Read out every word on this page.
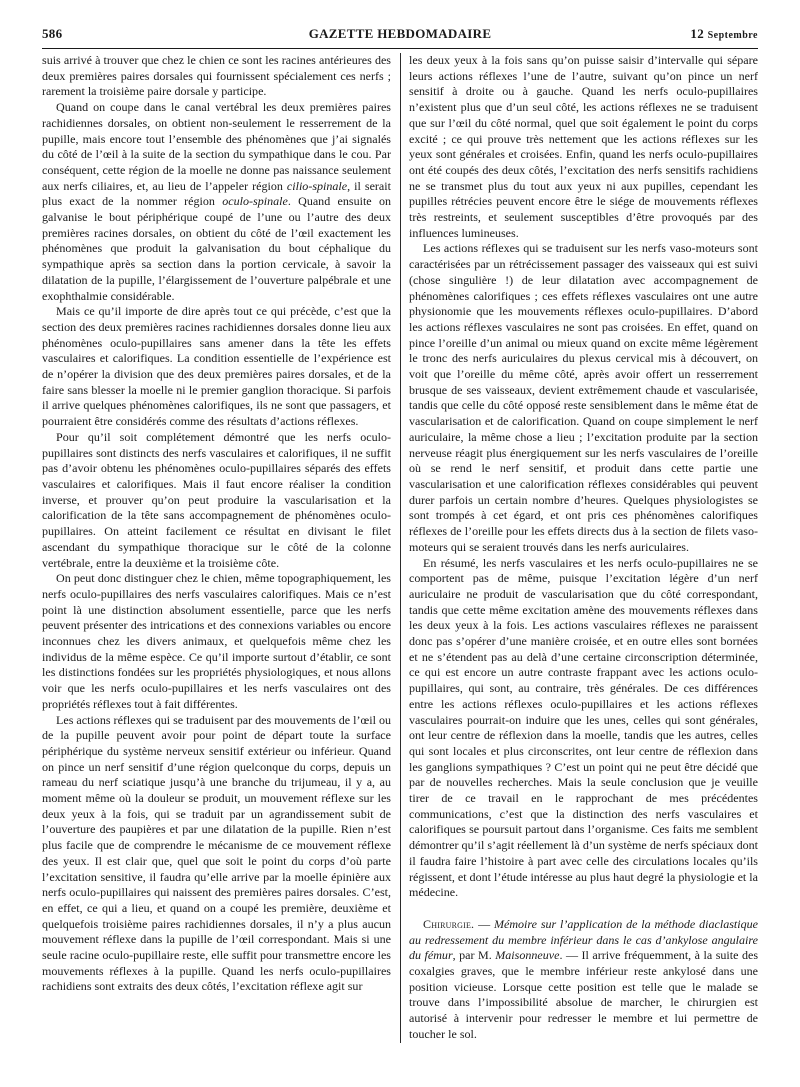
586	GAZETTE HEBDOMADAIRE	12 Septembre

suis arrivé à trouver que chez le chien ce sont les racines antérieures des deux premières paires dorsales qui fournissent spécialement ces nerfs ; rarement la troisième paire dorsale y participe.

Quand on coupe dans le canal vertébral les deux premières paires rachidiennes dorsales, on obtient non-seulement le resserrement de la pupille, mais encore tout l’ensemble des phénomènes que j’ai signalés du côté de l’œil à la suite de la section du sympathique dans le cou. Par conséquent, cette région de la moelle ne donne pas naissance seulement aux nerfs ciliaires, et, au lieu de l’appeler région cilio-spinale, il serait plus exact de la nommer région oculo-spinale. Quand ensuite on galvanise le bout périphérique coupé de l’une ou l’autre des deux premières racines dorsales, on obtient du côté de l’œil exactement les phénomènes que produit la galvanisation du bout céphalique du sympathique après sa section dans la portion cervicale, à savoir la dilatation de la pupille, l’élargissement de l’ouverture palpébrale et une exophthalmie considérable.

Mais ce qu’il importe de dire après tout ce qui précède, c’est que la section des deux premières racines rachidiennes dorsales donne lieu aux phénomènes oculo-pupillaires sans amener dans la tête les effets vasculaires et calorifiques. La condition essentielle de l’expérience est de n’opérer la division que des deux premières paires dorsales, et de la faire sans blesser la moelle ni le premier ganglion thoracique. Si parfois il arrive quelques phénomènes calorifiques, ils ne sont que passagers, et pourraient être considérés comme des résultats d’actions réflexes.

Pour qu’il soit complétement démontré que les nerfs oculo-pupillaires sont distincts des nerfs vasculaires et calorifiques, il ne suffit pas d’avoir obtenu les phénomènes oculo-pupillaires séparés des effets vasculaires et calorifiques. Mais il faut encore réaliser la condition inverse, et prouver qu’on peut produire la vascularisation et la calorification de la tête sans accompagnement de phénomènes oculo-pupillaires. On atteint facilement ce résultat en divisant le filet ascendant du sympathique thoracique sur le côté de la colonne vertébrale, entre la deuxième et la troisième côte.

On peut donc distinguer chez le chien, même topographiquement, les nerfs oculo-pupillaires des nerfs vasculaires calorifiques. Mais ce n’est point là une distinction absolument essentielle, parce que les nerfs peuvent présenter des intrications et des connexions variables ou encore inconnues chez les divers animaux, et quelquefois même chez les individus de la même espèce. Ce qu’il importe surtout d’établir, ce sont les distinctions fondées sur les propriétés physiologiques, et nous allons voir que les nerfs oculo-pupillaires et les nerfs vasculaires ont des propriétés réflexes tout à fait différentes.

Les actions réflexes qui se traduisent par des mouvements de l’œil ou de la pupille peuvent avoir pour point de départ toute la surface périphérique du système nerveux sensitif extérieur ou inférieur. Quand on pince un nerf sensitif d’une région quelconque du corps, depuis un rameau du nerf sciatique jusqu’à une branche du trijumeau, il y a, au moment même où la douleur se produit, un mouvement réflexe sur les deux yeux à la fois, qui se traduit par un agrandissement subit de l’ouverture des paupières et par une dilatation de la pupille. Rien n’est plus facile que de comprendre le mécanisme de ce mouvement réflexe des yeux. Il est clair que, quel que soit le point du corps d’où parte l’excitation sensitive, il faudra qu’elle arrive par la moelle épinière aux nerfs oculo-pupillaires qui naissent des premières paires dorsales. C’est, en effet, ce qui a lieu, et quand on a coupé les première, deuxième et quelquefois troisième paires rachidiennes dorsales, il n’y a plus aucun mouvement réflexe dans la pupille de l’œil correspondant. Mais si une seule racine oculo-pupillaire reste, elle suffit pour transmettre encore les mouvements réflexes à la pupille. Quand les nerfs oculo-pupillaires rachidiens sont extraits des deux côtés, l’excitation réflexe agit sur

les deux yeux à la fois sans qu’on puisse saisir d’intervalle qui sépare leurs actions réflexes l’une de l’autre, suivant qu’on pince un nerf sensitif à droite ou à gauche. Quand les nerfs oculo-pupillaires n’existent plus que d’un seul côté, les actions réflexes ne se traduisent que sur l’œil du côté normal, quel que soit également le point du corps excité ; ce qui prouve très nettement que les actions réflexes sur les yeux sont générales et croisées. Enfin, quand les nerfs oculo-pupillaires ont été coupés des deux côtés, l’excitation des nerfs sensitifs rachidiens ne se transmet plus du tout aux yeux ni aux pupilles, cependant les pupilles rétrécies peuvent encore être le siége de mouvements réflexes très restreints, et seulement susceptibles d’être provoqués par des influences lumineuses.

Les actions réflexes qui se traduisent sur les nerfs vaso-moteurs sont caractérisées par un rétrécissement passager des vaisseaux qui est suivi (chose singulière !) de leur dilatation avec accompagnement de phénomènes calorifiques ; ces effets réflexes vasculaires ont une autre physionomie que les mouvements réflexes oculo-pupillaires. D’abord les actions réflexes vasculaires ne sont pas croisées. En effet, quand on pince l’oreille d’un animal ou mieux quand on excite même légèrement le tronc des nerfs auriculaires du plexus cervical mis à découvert, on voit que l’oreille du même côté, après avoir offert un resserrement brusque de ses vaisseaux, devient extrêmement chaude et vascularisée, tandis que celle du côté opposé reste sensiblement dans le même état de vascularisation et de calorification. Quand on coupe simplement le nerf auriculaire, la même chose a lieu ; l’excitation produite par la section nerveuse réagit plus énergiquement sur les nerfs vasculaires de l’oreille où se rend le nerf sensitif, et produit dans cette partie une vascularisation et une calorification réflexes considérables qui peuvent durer parfois un certain nombre d’heures. Quelques physiologistes se sont trompés à cet égard, et ont pris ces phénomènes calorifiques réflexes de l’oreille pour les effets directs dus à la section de filets vaso-moteurs qui se seraient trouvés dans les nerfs auriculaires.

En résumé, les nerfs vasculaires et les nerfs oculo-pupillaires ne se comportent pas de même, puisque l’excitation légère d’un nerf auriculaire ne produit de vascularisation que du côté correspondant, tandis que cette même excitation amène des mouvements réflexes dans les deux yeux à la fois. Les actions vasculaires réflexes ne paraissent donc pas s’opérer d’une manière croisée, et en outre elles sont bornées et ne s’étendent pas au delà d’une certaine circonscription déterminée, ce qui est encore un autre contraste frappant avec les actions oculo-pupillaires, qui sont, au contraire, très générales. De ces différences entre les actions réflexes oculo-pupillaires et les actions réflexes vasculaires pourrait-on induire que les unes, celles qui sont générales, ont leur centre de réflexion dans la moelle, tandis que les autres, celles qui sont locales et plus circonscrites, ont leur centre de réflexion dans les ganglions sympathiques ? C’est un point qui ne peut être décidé que par de nouvelles recherches. Mais la seule conclusion que je veuille tirer de ce travail en le rapprochant de mes précédentes communications, c’est que la distinction des nerfs vasculaires et calorifiques se poursuit partout dans l’organisme. Ces faits me semblent démontrer qu’il s’agit réellement là d’un système de nerfs spéciaux dont il faudra faire l’histoire à part avec celle des circulations locales qu’ils régissent, et dont l’étude intéresse au plus haut degré la physiologie et la médecine.

Chirurgie. — Mémoire sur l’application de la méthode diaclastique au redressement du membre inférieur dans le cas d’ankylose angulaire du fémur, par M. Maisonneuve. — Il arrive fréquemment, à la suite des coxalgies graves, que le membre inférieur reste ankylosé dans une position vicieuse. Lorsque cette position est telle que le malade se trouve dans l’impossibilité absolue de marcher, le chirurgien est autorisé à intervenir pour redresser le membre et lui permettre de toucher le sol.
